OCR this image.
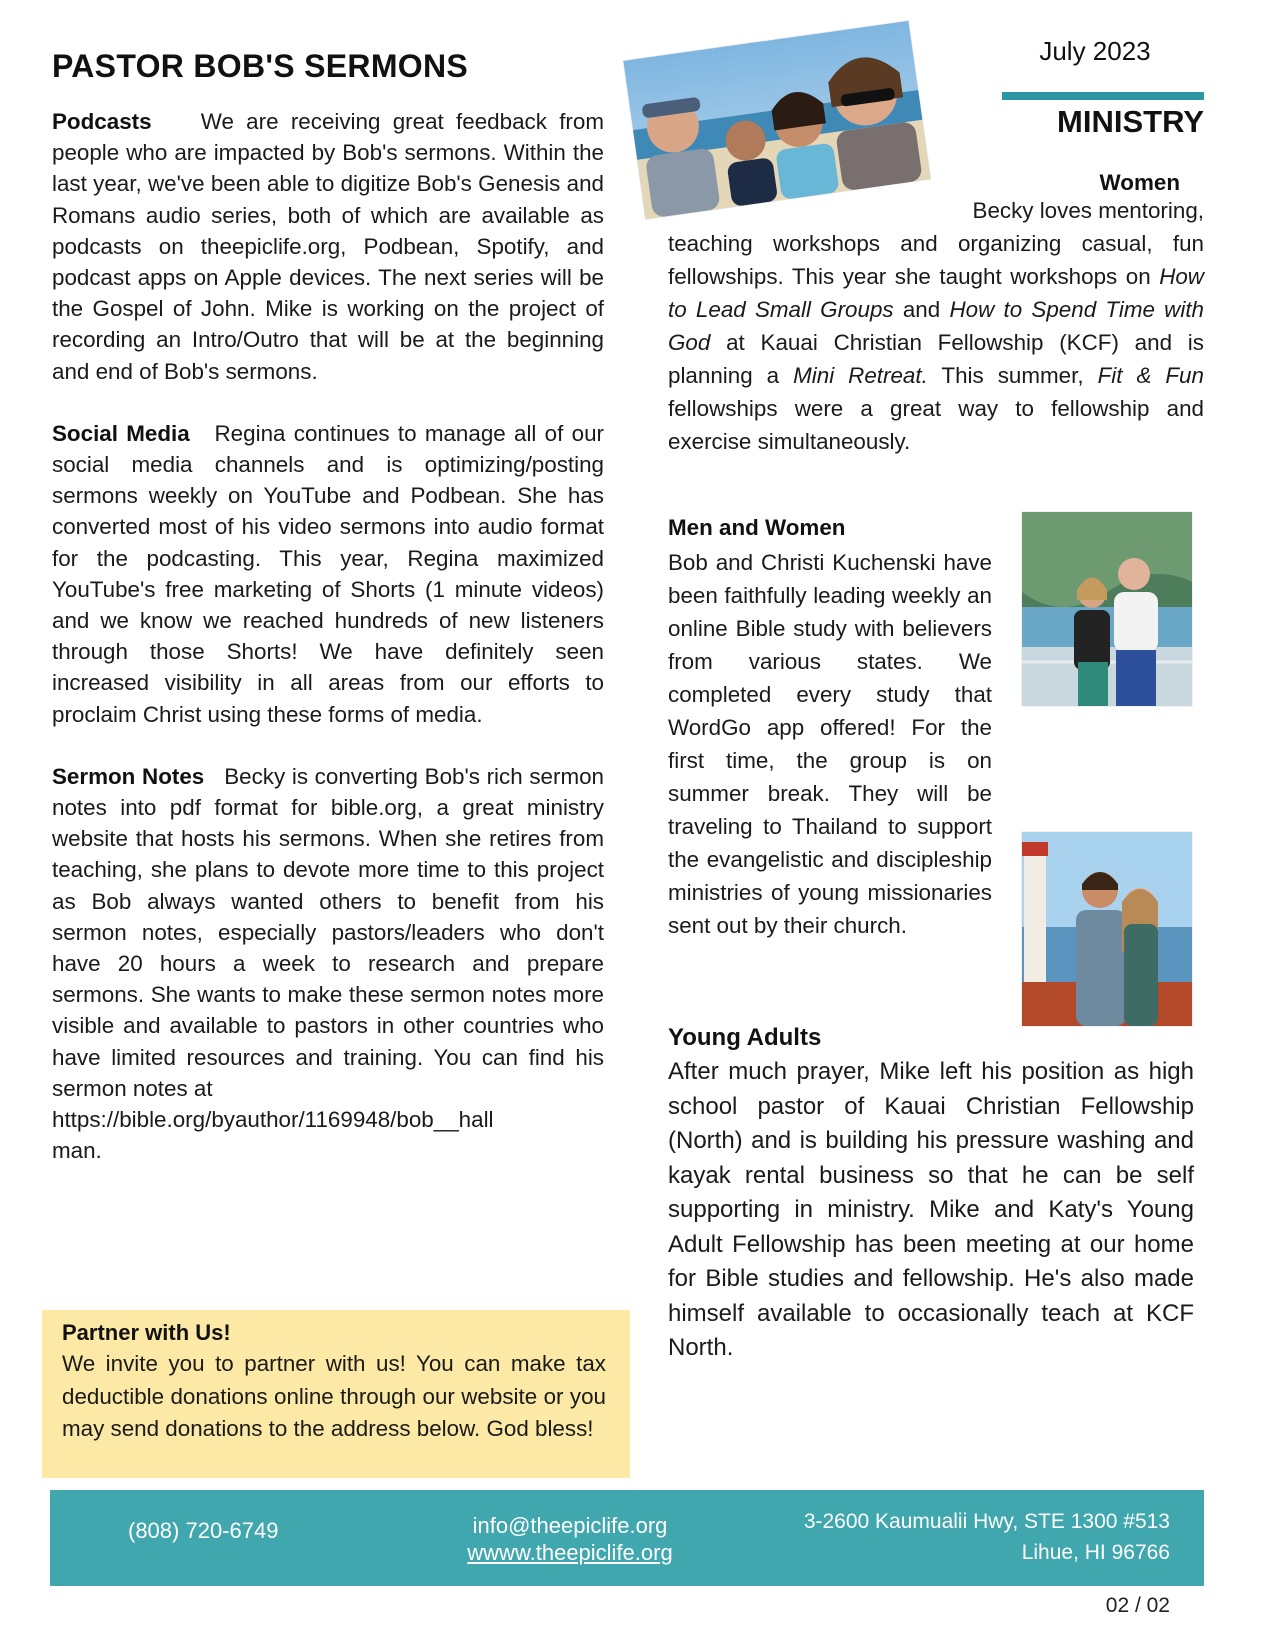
PASTOR BOB'S SERMONS	July 2023
MINISTRY

Podcasts We are receiving great feedback from people who are impacted by Bob's sermons. Within the last year, we've been able to digitize Bob's Genesis and Romans audio series, both of which are available as podcasts on theepiclife.org, Podbean, Spotify, and podcast apps on Apple devices. The next series will be the Gospel of John. Mike is working on the project of recording an Intro/Outro that will be at the beginning and end of Bob's sermons.

Social Media Regina continues to manage all of our social media channels and is optimizing/posting sermons weekly on YouTube and Podbean. She has converted most of his video sermons into audio format for the podcasting. This year, Regina maximized YouTube's free marketing of Shorts (1 minute videos) and we know we reached hundreds of new listeners through those Shorts! We have definitely seen increased visibility in all areas from our efforts to proclaim Christ using these forms of media.

Sermon Notes Becky is converting Bob's rich sermon notes into pdf format for bible.org, a great ministry website that hosts his sermons. When she retires from teaching, she plans to devote more time to this project as Bob always wanted others to benefit from his sermon notes, especially pastors/leaders who don't have 20 hours a week to research and prepare sermons. She wants to make these sermon notes more visible and available to pastors in other countries who have limited resources and training. You can find his sermon notes at

https://bible.org/byauthor/1169948/bob__hall
man.

Partner with Us!

We invite you to partner with us! You can make tax deductible donations online through our website or you may send donations to the address below. God bless!

Women

Becky loves mentoring,

teaching workshops and organizing casual, fun fellowships. This year she taught workshops on How to Lead Small Groups and How to Spend Time with God at Kauai Christian Fellowship (KCF) and is planning a Mini Retreat. This summer, Fit & Fun fellowships were a great way to fellowship and exercise simultaneously.

Men and Women

Bob and Christi Kuchenski have been faithfully leading weekly an online Bible study with believers from various states. We completed every study that WordGo app offered! For the first time, the group is on summer break. They will be traveling to Thailand to support the evangelistic and discipleship ministries of young missionaries sent out by their church.

Young Adults

After much prayer, Mike left his position as high school pastor of Kauai Christian Fellowship (North) and is building his pressure washing and kayak rental business so that he can be self supporting in ministry. Mike and Katy's Young Adult Fellowship has been meeting at our home for Bible studies and fellowship. He's also made himself available to occasionally teach at KCF North.

(808) 720-6749	info@theepiclife.org
wwww.theepiclife.org
3-2600 Kaumualii Hwy, STE 1300 #513
Lihue, HI 96766
02 / 02
